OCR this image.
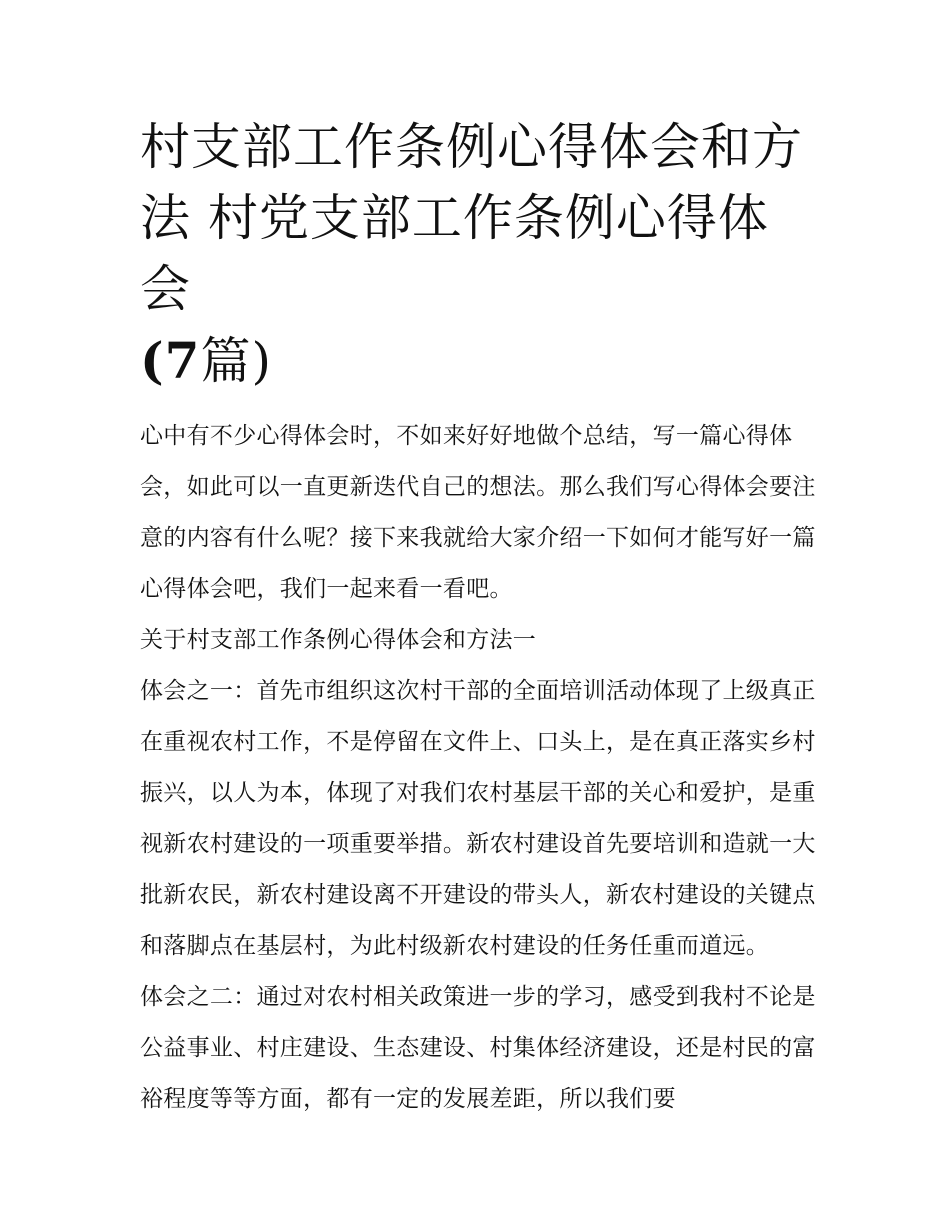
村支部工作条例心得体会和方
法 村党支部工作条例心得体会
(7篇)

心中有不少心得体会时，不如来好好地做个总结，写一篇心得体会，如此可以一直更新迭代自己的想法。那么我们写心得体会要注意的内容有什么呢？接下来我就给大家介绍一下如何才能写好一篇心得体会吧，我们一起来看一看吧。

关于村支部工作条例心得体会和方法一

体会之一：首先市组织这次村干部的全面培训活动体现了上级真正在重视农村工作，不是停留在文件上、口头上，是在真正落实乡村振兴，以人为本，体现了对我们农村基层干部的关心和爱护，是重视新农村建设的一项重要举措。新农村建设首先要培训和造就一大批新农民，新农村建设离不开建设的带头人，新农村建设的关键点和落脚点在基层村，为此村级新农村建设的任务任重而道远。

体会之二：通过对农村相关政策进一步的学习，感受到我村不论是公益事业、村庄建设、生态建设、村集体经济建设，还是村民的富裕程度等等方面，都有一定的发展差距，所以我们要
